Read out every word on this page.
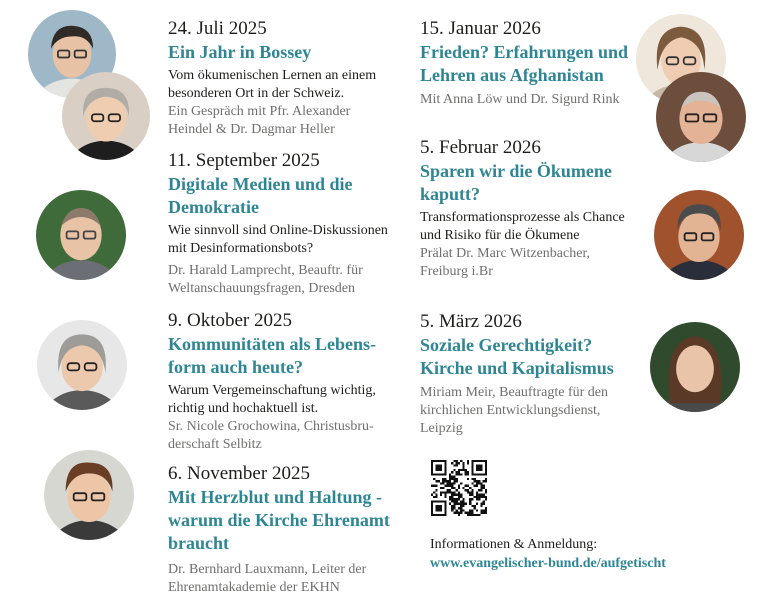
24. Juli 2025
Ein Jahr in Bossey
Vom ökumenischen Lernen an einem
besonderen Ort in der Schweiz.
Ein Gespräch mit Pfr. Alexander
Heindel & Dr. Dagmar Heller
11. September 2025
Digitale Medien und die
Demokratie
Wie sinnvoll sind Online-Diskussionen
mit Desinformationsbots?
Dr. Harald Lamprecht, Beauftr. für
Weltanschauungsfragen, Dresden
9. Oktober 2025
Kommunitäten als Lebens-
form auch heute?
Warum Vergemeinschaftung wichtig,
richtig und hochaktuell ist.
Sr. Nicole Grochowina, Christusbru-
derschaft Selbitz
6. November 2025
Mit Herzblut und Haltung -
warum die Kirche Ehrenamt
braucht
Dr. Bernhard Lauxmann, Leiter der
Ehrenamtakademie der EKHN
15. Januar 2026
Frieden? Erfahrungen und
Lehren aus Afghanistan
Mit Anna Löw und Dr. Sigurd Rink
5. Februar 2026
Sparen wir die Ökumene
kaputt?
Transformationsprozesse als Chance
und Risiko für die Ökumene
Prälat Dr. Marc Witzenbacher,
Freiburg i.Br
5. März 2026
Soziale Gerechtigkeit?
Kirche und Kapitalismus
Miriam Meir, Beauftragte für den
kirchlichen Entwicklungsdienst,
Leipzig
Informationen & Anmeldung:
www.evangelischer-bund.de/aufgetischt
